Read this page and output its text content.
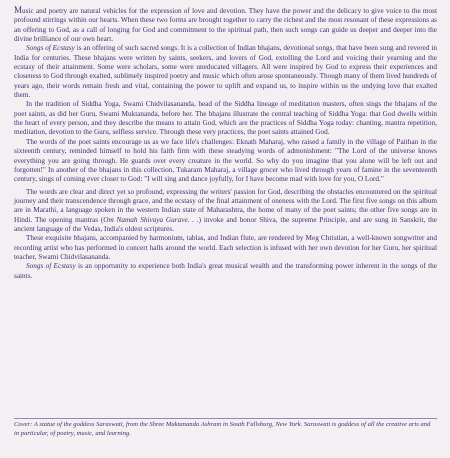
Music and poetry are natural vehicles for the expression of love and devotion. They have the power and the delicacy to give voice to the most profound stirrings within our hearts. When these two forms are brought together to carry the richest and the most resonant of these expressions as an offering to God, as a call of longing for God and commitment to the spiritual path, then such songs can guide us deeper and deeper into the divine brilliance of our own heart.

Songs of Ecstasy is an offering of such sacred songs. It is a collection of Indian bhajans, devotional songs, that have been sung and revered in India for centuries. These bhajans were written by saints, seekers, and lovers of God, extolling the Lord and voicing their yearning and the ecstasy of their attainment. Some were scholars, some were uneducated villagers. All were inspired by God to express their experiences and closeness to God through exalted, sublimely inspired poetry and music which often arose spontaneously. Though many of them lived hundreds of years ago, their words remain fresh and vital, containing the power to uplift and expand us, to inspire within us the undying love that exalted them.

In the tradition of Siddha Yoga, Swami Chidvilasananda, head of the Siddha lineage of meditation masters, often sings the bhajans of the poet saints, as did her Guru, Swami Muktananda, before her. The bhajans illustrate the central teaching of Siddha Yoga: that God dwells within the heart of every person, and they describe the means to attain God, which are the practices of Siddha Yoga today: chanting, mantra repetition, meditation, devotion to the Guru, selfless service. Through these very practices, the poet saints attained God.

The words of the poet saints encourage us as we face life's challenges: Eknath Maharaj, who raised a family in the village of Paithan in the sixteenth century, reminded himself to hold his faith firm with these steadying words of admonishment: "The Lord of the universe knows everything you are going through. He guards over every creature in the world. So why do you imagine that you alone will be left out and forgotten!" In another of the bhajans in this collection, Tukaram Maharaj, a village grocer who lived through years of famine in the seventeenth century, sings of coming ever closer to God: "I will sing and dance joyfully, for I have become mad with love for you, O Lord."

The words are clear and direct yet so profound, expressing the writers' passion for God, describing the obstacles encountered on the spiritual journey and their transcendence through grace, and the ecstasy of the final attainment of oneness with the Lord. The first five songs on this album are in Marathi, a language spoken in the western Indian state of Maharashtra, the home of many of the poet saints; the other five songs are in Hindi. The opening mantras (Om Namah Shivaya Gurave. . .) invoke and honor Shiva, the supreme Principle, and are sung in Sanskrit, the ancient language of the Vedas, India's oldest scriptures.

These exquisite bhajans, accompanied by harmonium, tablas, and Indian flute, are rendered by Meg Christian, a well-known songwriter and recording artist who has performed in concert halls around the world. Each selection is infused with her own devotion for her Guru, her spiritual teacher, Swami Chidvilasananda.

Songs of Ecstasy is an opportunity to experience both India's great musical wealth and the transforming power inherent in the songs of the saints.

Cover: A statue of the goddess Saraswati, from the Shree Muktananda Ashram in South Fallsburg, New York. Saraswati is goddess of all the creative arts and in particular, of poetry, music, and learning.
